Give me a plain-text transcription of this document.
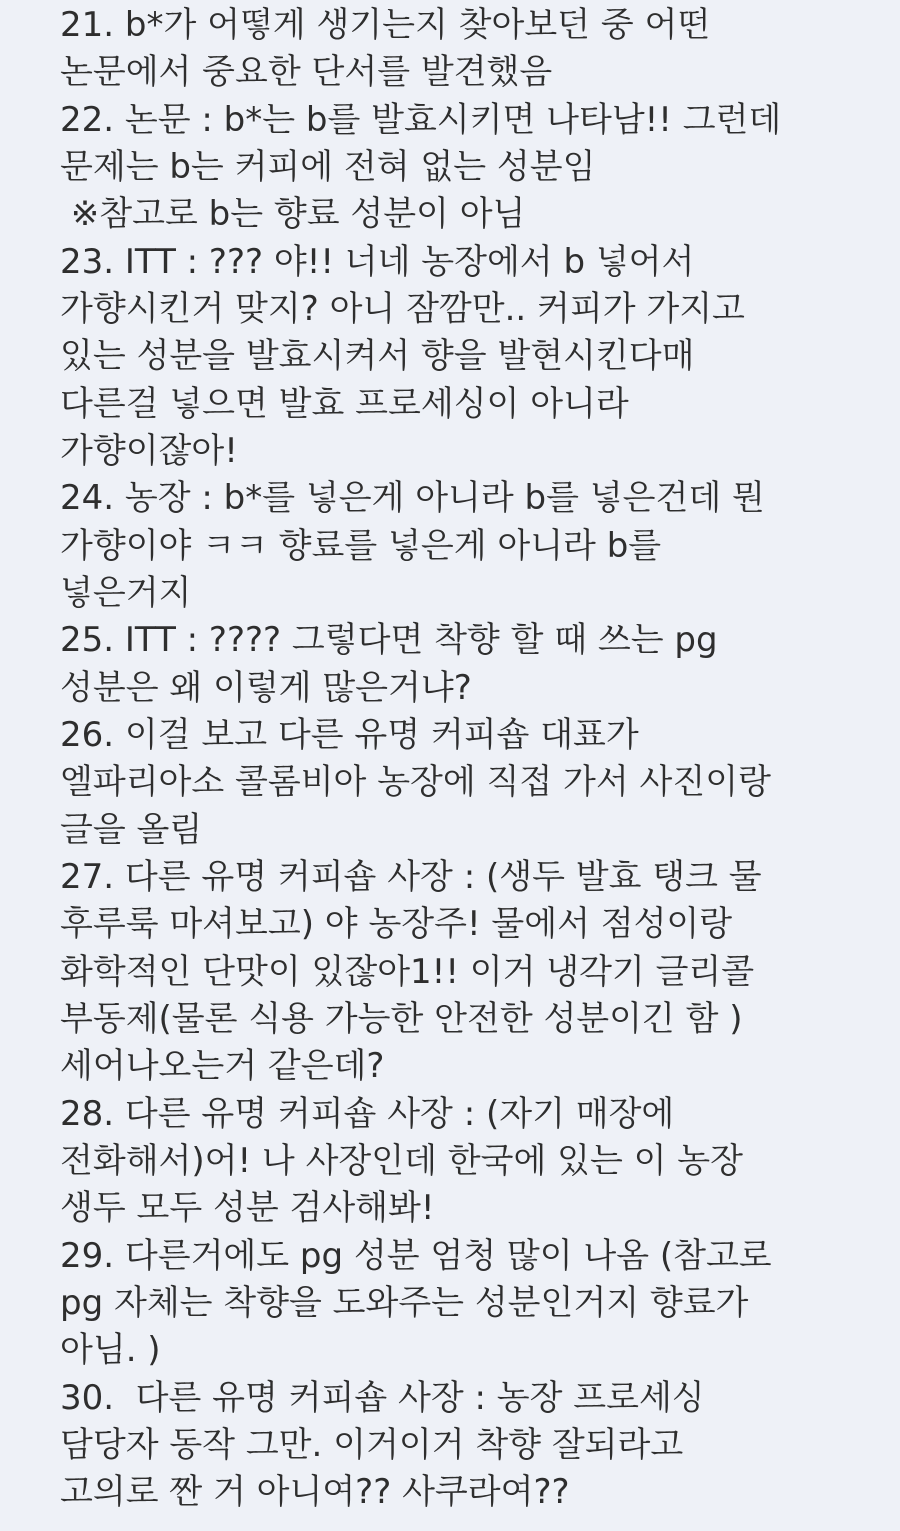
21. b*가 어떻게 생기는지 찾아보던 중 어떤

논문에서 중요한 단서를 발견했음

22. 논문 : b*는 b를 발효시키면 나타남!! 그런데

문제는 b는 커피에 전혀 없는 성분임

※참고로 b는 향료 성분이 아님

23. ITT : ??? 야!! 너네 농장에서 b 넣어서

가향시킨거 맞지? 아니 잠깜만.. 커피가 가지고

있는 성분을 발효시켜서 향을 발현시킨다매

다른걸 넣으면 발효 프로세싱이 아니라

가향이잖아!

24. 농장 : b*를 넣은게 아니라 b를 넣은건데 뭔

가향이야 ㅋㅋ 향료를 넣은게 아니라 b를

넣은거지

25. ITT : ???? 그렇다면 착향 할 때 쓰는 pg

성분은 왜 이렇게 많은거냐?

26. 이걸 보고 다른 유명 커피숍 대표가

엘파리아소 콜롬비아 농장에 직접 가서 사진이랑

글을 올림

27. 다른 유명 커피숍 사장 : (생두 발효 탱크 물

후루룩 마셔보고) 야 농장주! 물에서 점성이랑

화학적인 단맛이 있잖아1!! 이거 냉각기 글리콜

부동제(물론 식용 가능한 안전한 성분이긴 함 )

세어나오는거 같은데?

28. 다른 유명 커피숍 사장 : (자기 매장에

전화해서)어! 나 사장인데 한국에 있는 이 농장

생두 모두 성분 검사해봐!

29. 다른거에도 pg 성분 엄청 많이 나옴 (참고로

pg 자체는 착향을 도와주는 성분인거지 향료가

아님. )

30.  다른 유명 커피숍 사장 : 농장 프로세싱

담당자 동작 그만. 이거이거 착향 잘되라고

고의로 짠 거 아니여?? 사쿠라여??
